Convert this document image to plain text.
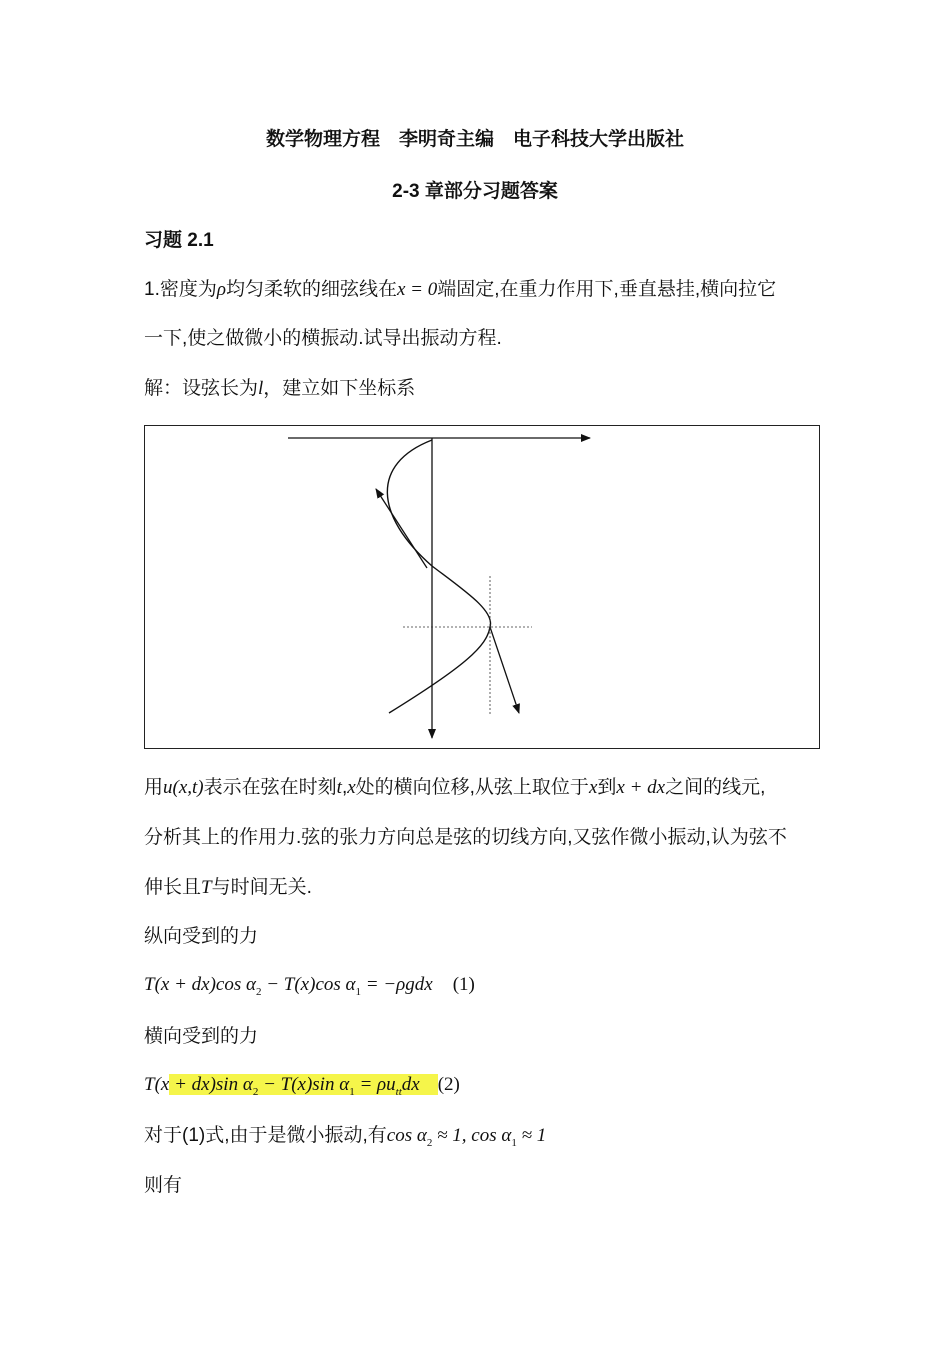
数学物理方程　李明奇主编　电子科技大学出版社
2-3 章部分习题答案
习题 2.1
1.密度为ρ均匀柔软的细弦线在x = 0端固定,在重力作用下,垂直悬挂,横向拉它
一下,使之做微小的横振动.试导出振动方程.
解：设弦长为l，建立如下坐标系
用u(x,t)表示在弦在时刻t,x处的横向位移,从弦上取位于x到x + dx之间的线元,
分析其上的作用力.弦的张力方向总是弦的切线方向,又弦作微小振动,认为弦不
伸长且T与时间无关.
纵向受到的力
T(x + dx)cos $\alpha_2 - T(x)\cos$ $\alpha_1 = -\rho gdx$ (1)
横向受到的力
T(x + dx)sin $\alpha_2 - T(x)\sin$ $\alpha_1 = \rho u_{tt}dx$ (2)
对于(1)式,由于是微小振动,有$\cos \alpha_2 \approx 1$, $\cos \alpha_1 \approx 1$
则有
